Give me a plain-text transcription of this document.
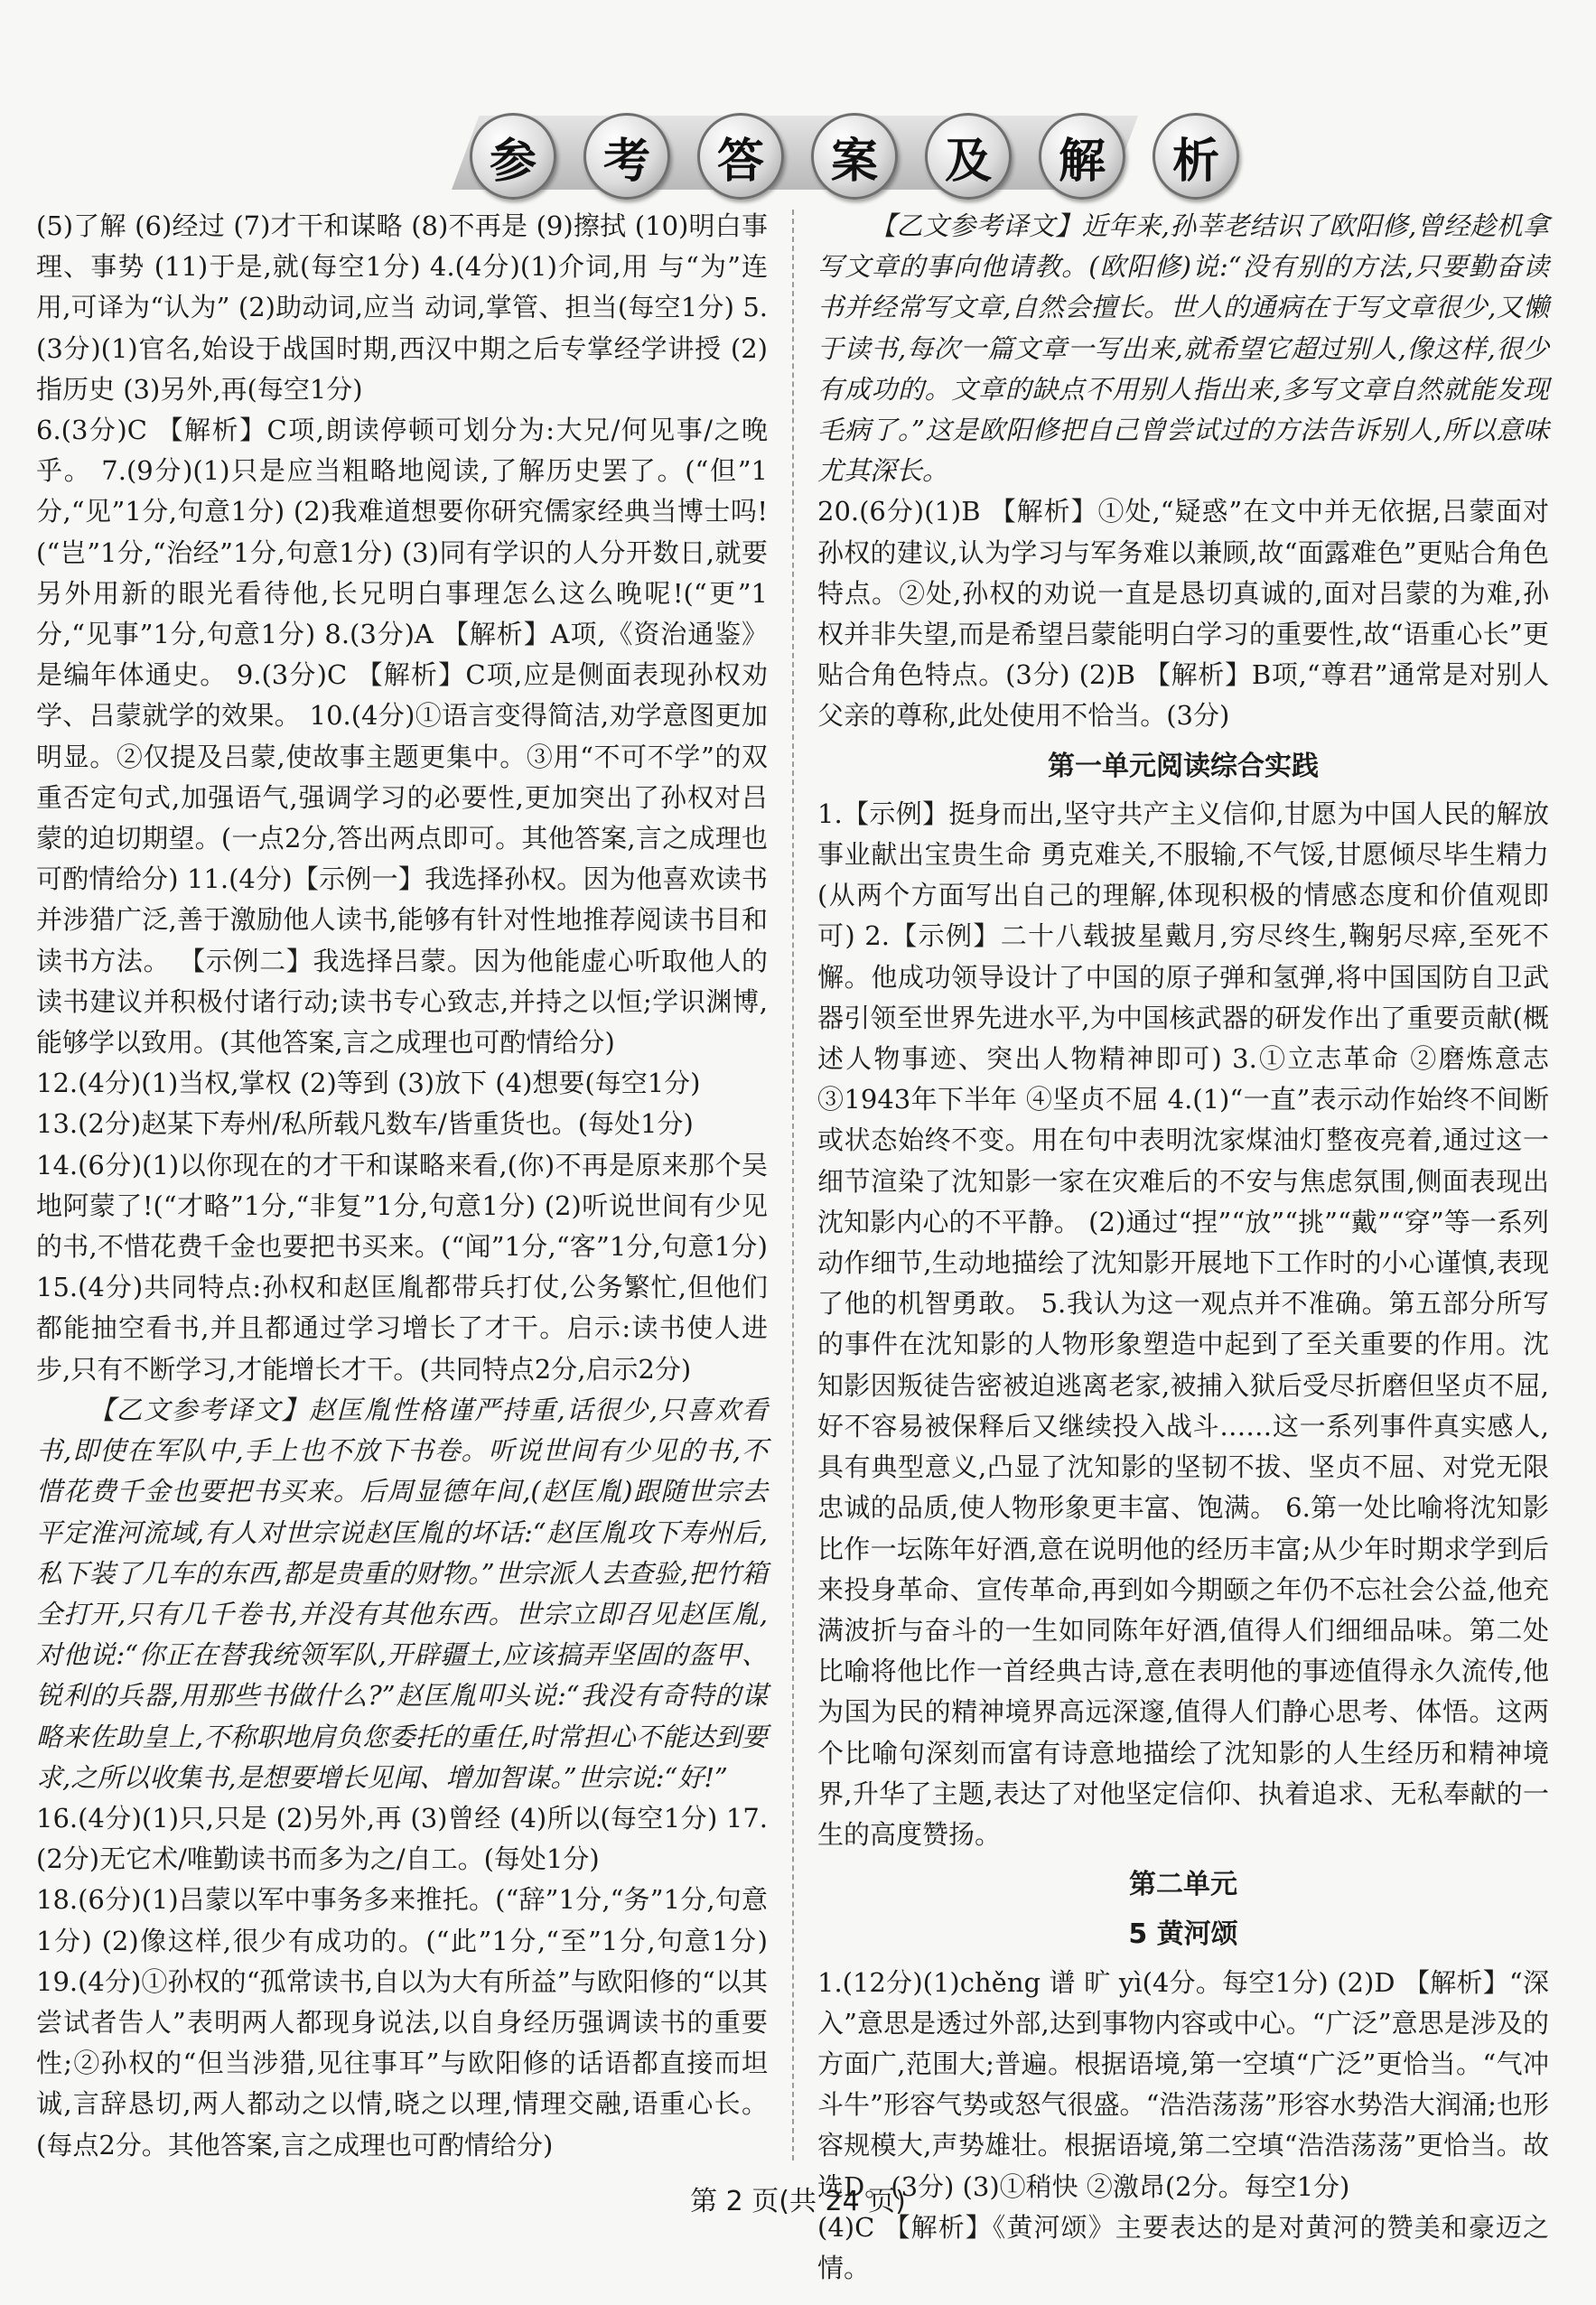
参	考	答	案	及	解	析

(5)了解 (6)经过 (7)才干和谋略 (8)不再是 (9)擦拭 (10)明白事理、事势 (11)于是,就(每空1分) 4.(4分)(1)介词,用 与“为”连用,可译为“认为” (2)助动词,应当 动词,掌管、担当(每空1分) 5.(3分)(1)官名,始设于战国时期,西汉中期之后专掌经学讲授 (2)指历史 (3)另外,再(每空1分)

6.(3分)C 【解析】C项,朗读停顿可划分为:大兄/何见事/之晚乎。 7.(9分)(1)只是应当粗略地阅读,了解历史罢了。(“但”1分,“见”1分,句意1分) (2)我难道想要你研究儒家经典当博士吗!(“岂”1分,“治经”1分,句意1分) (3)同有学识的人分开数日,就要另外用新的眼光看待他,长兄明白事理怎么这么晚呢!(“更”1分,“见事”1分,句意1分) 8.(3分)A 【解析】A项,《资治通鉴》是编年体通史。 9.(3分)C 【解析】C项,应是侧面表现孙权劝学、吕蒙就学的效果。 10.(4分)①语言变得简洁,劝学意图更加明显。②仅提及吕蒙,使故事主题更集中。③用“不可不学”的双重否定句式,加强语气,强调学习的必要性,更加突出了孙权对吕蒙的迫切期望。(一点2分,答出两点即可。其他答案,言之成理也可酌情给分) 11.(4分)【示例一】我选择孙权。因为他喜欢读书并涉猎广泛,善于激励他人读书,能够有针对性地推荐阅读书目和读书方法。 【示例二】我选择吕蒙。因为他能虚心听取他人的读书建议并积极付诸行动;读书专心致志,并持之以恒;学识渊博,能够学以致用。(其他答案,言之成理也可酌情给分)

12.(4分)(1)当权,掌权 (2)等到 (3)放下 (4)想要(每空1分)

13.(2分)赵某下寿州/私所载凡数车/皆重货也。(每处1分)

14.(6分)(1)以你现在的才干和谋略来看,(你)不再是原来那个吴地阿蒙了!(“才略”1分,“非复”1分,句意1分) (2)听说世间有少见的书,不惜花费千金也要把书买来。(“闻”1分,“客”1分,句意1分) 15.(4分)共同特点:孙权和赵匡胤都带兵打仗,公务繁忙,但他们都能抽空看书,并且都通过学习增长了才干。启示:读书使人进步,只有不断学习,才能增长才干。(共同特点2分,启示2分)

【乙文参考译文】赵匡胤性格谨严持重,话很少,只喜欢看书,即使在军队中,手上也不放下书卷。听说世间有少见的书,不惜花费千金也要把书买来。后周显德年间,(赵匡胤)跟随世宗去平定淮河流域,有人对世宗说赵匡胤的坏话:“赵匡胤攻下寿州后,私下装了几车的东西,都是贵重的财物。”世宗派人去查验,把竹箱全打开,只有几千卷书,并没有其他东西。世宗立即召见赵匡胤,对他说:“你正在替我统领军队,开辟疆土,应该搞弄坚固的盔甲、锐利的兵器,用那些书做什么?”赵匡胤叩头说:“我没有奇特的谋略来佐助皇上,不称职地肩负您委托的重任,时常担心不能达到要求,之所以收集书,是想要增长见闻、增加智谋。”世宗说:“好!”

16.(4分)(1)只,只是 (2)另外,再 (3)曾经 (4)所以(每空1分) 17.(2分)无它术/唯勤读书而多为之/自工。(每处1分)

18.(6分)(1)吕蒙以军中事务多来推托。(“辞”1分,“务”1分,句意1分) (2)像这样,很少有成功的。(“此”1分,“至”1分,句意1分) 19.(4分)①孙权的“孤常读书,自以为大有所益”与欧阳修的“以其尝试者告人”表明两人都现身说法,以自身经历强调读书的重要性;②孙权的“但当涉猎,见往事耳”与欧阳修的话语都直接而坦诚,言辞恳切,两人都动之以情,晓之以理,情理交融,语重心长。(每点2分。其他答案,言之成理也可酌情给分)

【乙文参考译文】近年来,孙莘老结识了欧阳修,曾经趁机拿写文章的事向他请教。(欧阳修)说:“没有别的方法,只要勤奋读书并经常写文章,自然会擅长。世人的通病在于写文章很少,又懒于读书,每次一篇文章一写出来,就希望它超过别人,像这样,很少有成功的。文章的缺点不用别人指出来,多写文章自然就能发现毛病了。”这是欧阳修把自己曾尝试过的方法告诉别人,所以意味尤其深长。

20.(6分)(1)B 【解析】①处,“疑惑”在文中并无依据,吕蒙面对孙权的建议,认为学习与军务难以兼顾,故“面露难色”更贴合角色特点。②处,孙权的劝说一直是恳切真诚的,面对吕蒙的为难,孙权并非失望,而是希望吕蒙能明白学习的重要性,故“语重心长”更贴合角色特点。(3分) (2)B 【解析】B项,“尊君”通常是对别人父亲的尊称,此处使用不恰当。(3分)

第一单元阅读综合实践

1.【示例】挺身而出,坚守共产主义信仰,甘愿为中国人民的解放事业献出宝贵生命 勇克难关,不服输,不气馁,甘愿倾尽毕生精力(从两个方面写出自己的理解,体现积极的情感态度和价值观即可) 2.【示例】二十八载披星戴月,穷尽终生,鞠躬尽瘁,至死不懈。他成功领导设计了中国的原子弹和氢弹,将中国国防自卫武器引领至世界先进水平,为中国核武器的研发作出了重要贡献(概述人物事迹、突出人物精神即可) 3.①立志革命 ②磨炼意志 ③1943年下半年 ④坚贞不屈 4.(1)“一直”表示动作始终不间断或状态始终不变。用在句中表明沈家煤油灯整夜亮着,通过这一细节渲染了沈知影一家在灾难后的不安与焦虑氛围,侧面表现出沈知影内心的不平静。 (2)通过“捏”“放”“挑”“戴”“穿”等一系列动作细节,生动地描绘了沈知影开展地下工作时的小心谨慎,表现了他的机智勇敢。 5.我认为这一观点并不准确。第五部分所写的事件在沈知影的人物形象塑造中起到了至关重要的作用。沈知影因叛徒告密被迫逃离老家,被捕入狱后受尽折磨但坚贞不屈,好不容易被保释后又继续投入战斗……这一系列事件真实感人,具有典型意义,凸显了沈知影的坚韧不拔、坚贞不屈、对党无限忠诚的品质,使人物形象更丰富、饱满。 6.第一处比喻将沈知影比作一坛陈年好酒,意在说明他的经历丰富;从少年时期求学到后来投身革命、宣传革命,再到如今期颐之年仍不忘社会公益,他充满波折与奋斗的一生如同陈年好酒,值得人们细细品味。第二处比喻将他比作一首经典古诗,意在表明他的事迹值得永久流传,他为国为民的精神境界高远深邃,值得人们静心思考、体悟。这两个比喻句深刻而富有诗意地描绘了沈知影的人生经历和精神境界,升华了主题,表达了对他坚定信仰、执着追求、无私奉献的一生的高度赞扬。

第二单元
5 黄河颂

1.(12分)(1)chěng 谱 旷 yì(4分。每空1分) (2)D 【解析】“深入”意思是透过外部,达到事物内容或中心。“广泛”意思是涉及的方面广,范围大;普遍。根据语境,第一空填“广泛”更恰当。“气冲斗牛”形容气势或怒气很盛。“浩浩荡荡”形容水势浩大润涌;也形容规模大,声势雄壮。根据语境,第二空填“浩浩荡荡”更恰当。故选D。(3分) (3)①稍快 ②激昂(2分。每空1分)

(4)C 【解析】《黄河颂》主要表达的是对黄河的赞美和豪迈之情。

第 2 页(共 24 页)
